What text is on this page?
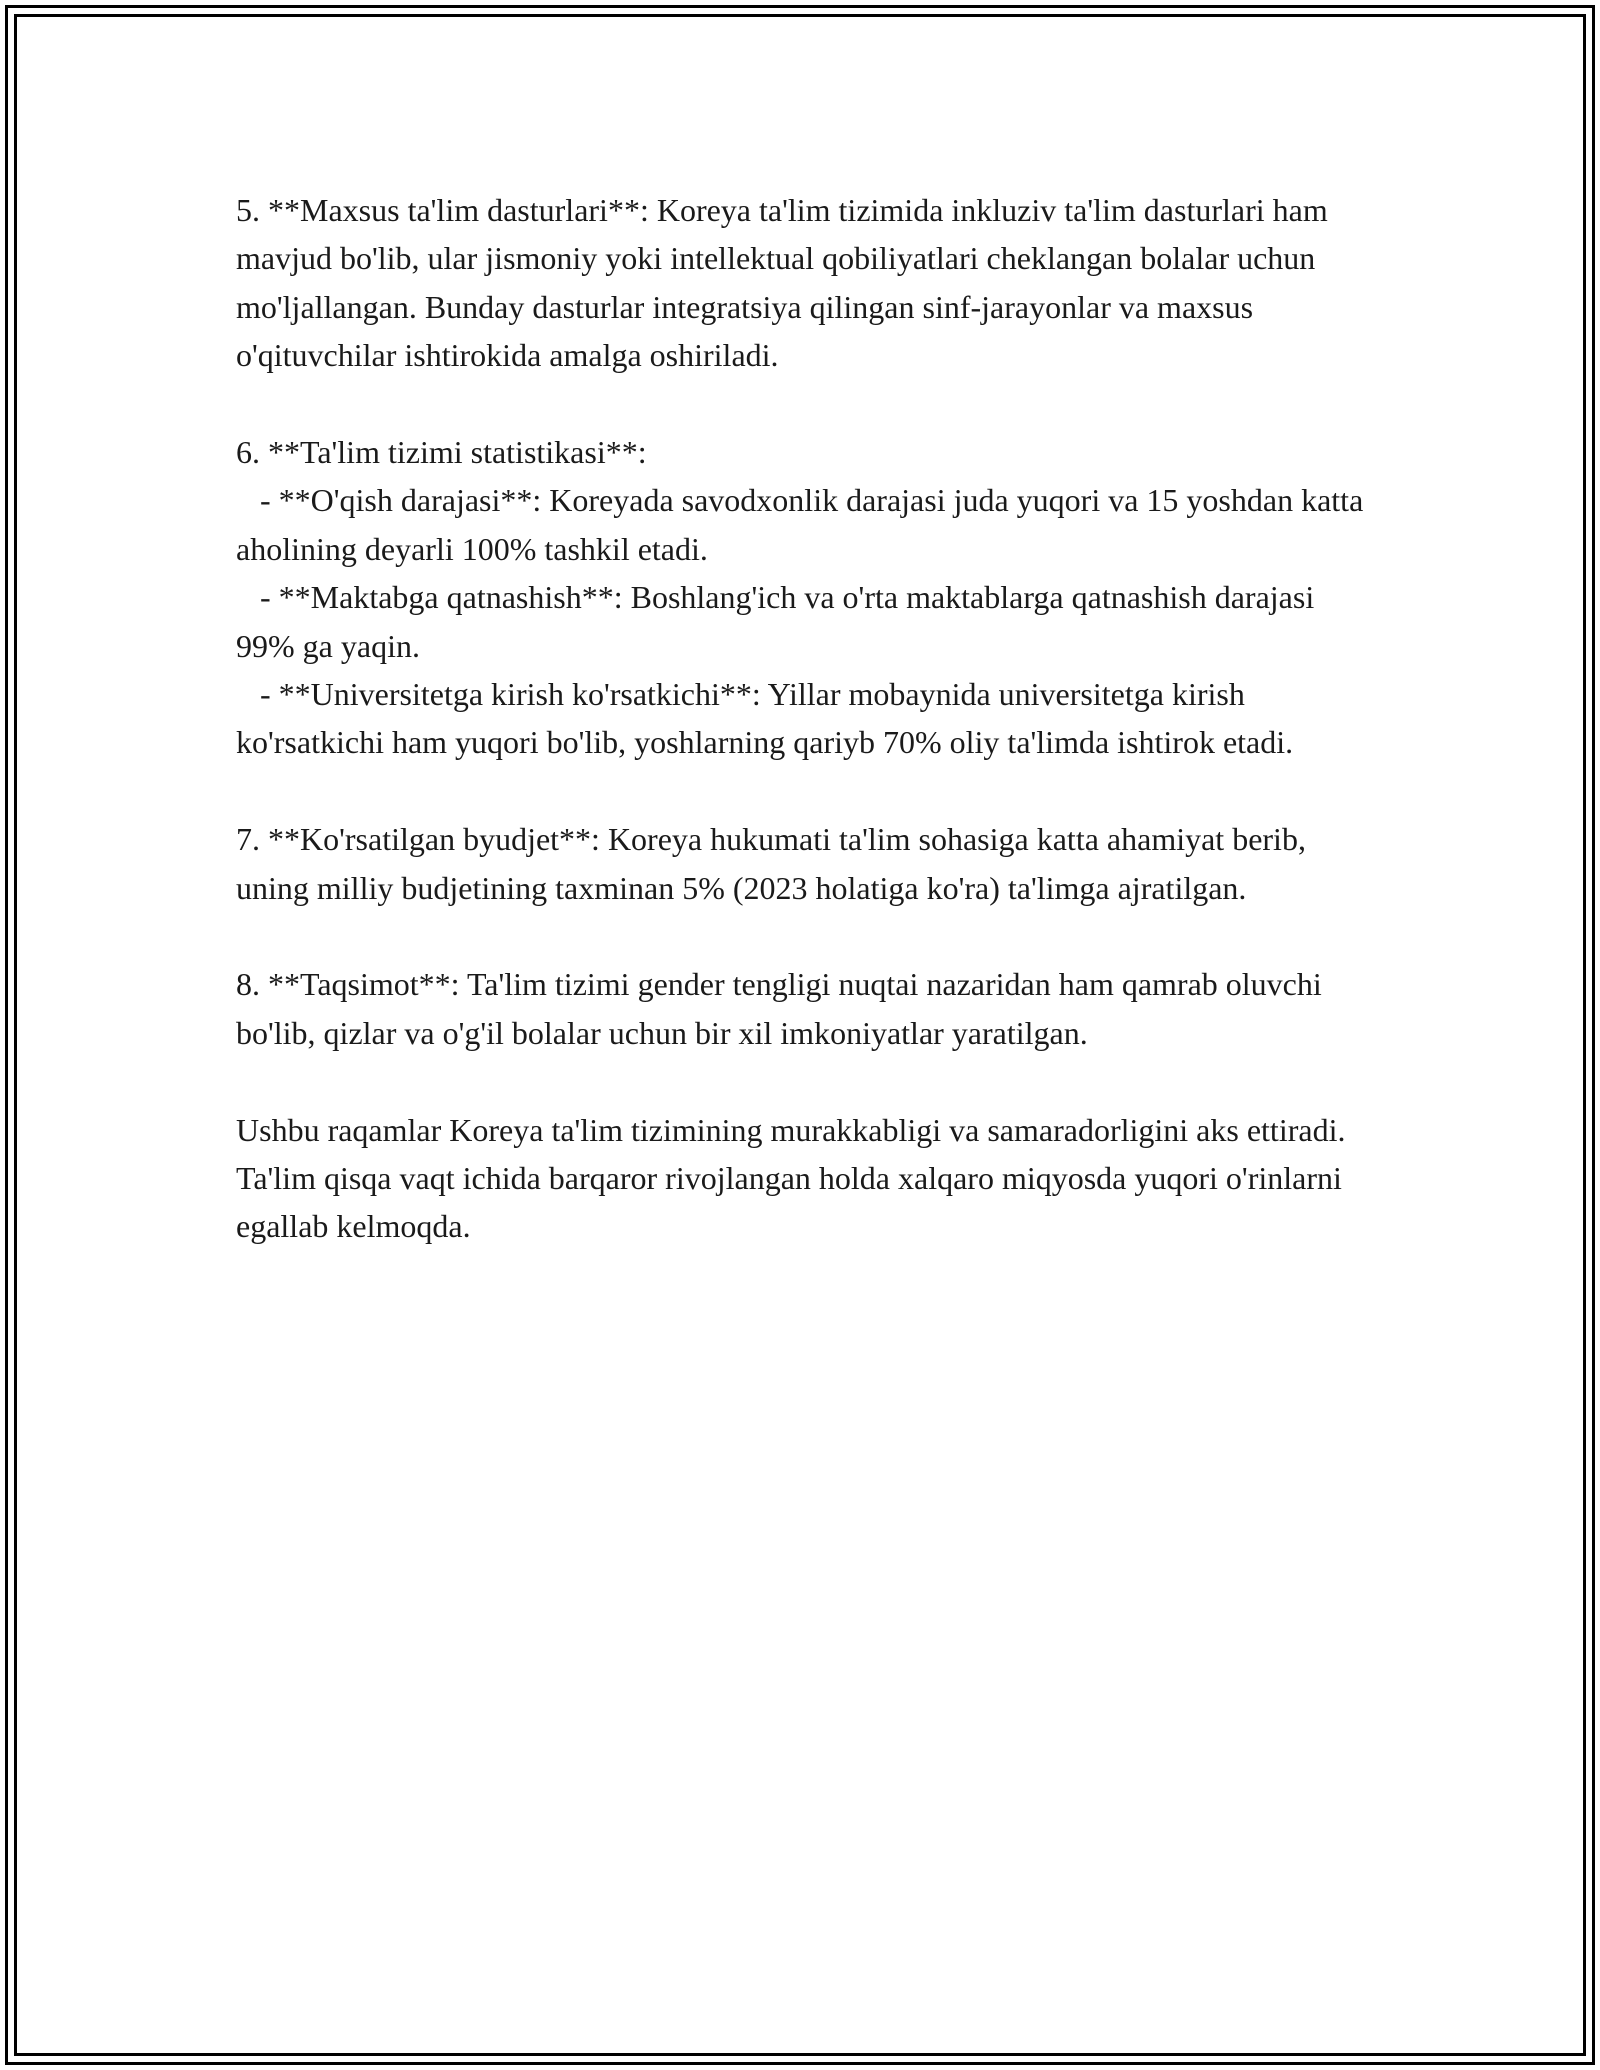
5. **Maxsus ta'lim dasturlari**: Koreya ta'lim tizimida inkluziv ta'lim dasturlari ham mavjud bo'lib, ular jismoniy yoki intellektual qobiliyatlari cheklangan bolalar uchun mo'ljallangan. Bunday dasturlar integratsiya qilingan sinf-jarayonlar va maxsus o'qituvchilar ishtirokida amalga oshiriladi.

6. **Ta'lim tizimi statistikasi**:

- **O'qish darajasi**: Koreyada savodxonlik darajasi juda yuqori va 15 yoshdan katta aholining deyarli 100% tashkil etadi.

- **Maktabga qatnashish**: Boshlang'ich va o'rta maktablarga qatnashish darajasi 99% ga yaqin.

- **Universitetga kirish ko'rsatkichi**: Yillar mobaynida universitetga kirish ko'rsatkichi ham yuqori bo'lib, yoshlarning qariyb 70% oliy ta'limda ishtirok etadi.

7. **Ko'rsatilgan byudjet**: Koreya hukumati ta'lim sohasiga katta ahamiyat berib, uning milliy budjetining taxminan 5% (2023 holatiga ko'ra) ta'limga ajratilgan.

8. **Taqsimot**: Ta'lim tizimi gender tengligi nuqtai nazaridan ham qamrab oluvchi bo'lib, qizlar va o'g'il bolalar uchun bir xil imkoniyatlar yaratilgan.

Ushbu raqamlar Koreya ta'lim tizimining murakkabligi va samaradorligini aks ettiradi. Ta'lim qisqa vaqt ichida barqaror rivojlangan holda xalqaro miqyosda yuqori o'rinlarni egallab kelmoqda.
